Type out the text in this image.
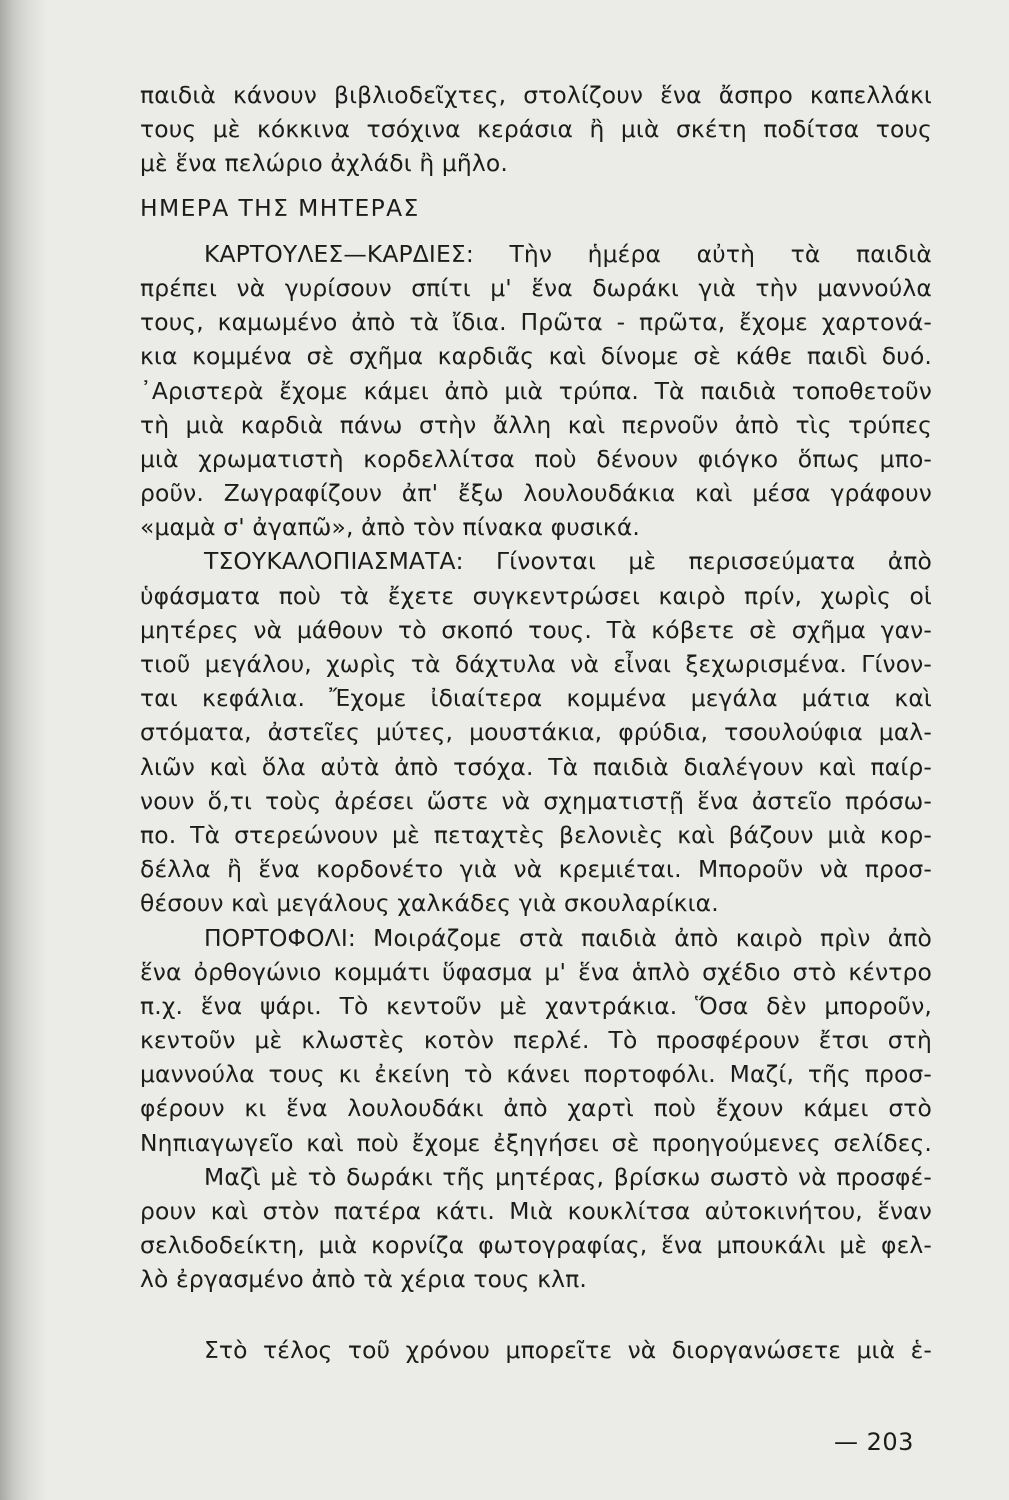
παιδιὰ κάνουν βιβλιοδεῖχτες, στολίζουν ἕνα ἄσπρο καπελλάκι
τους μὲ κόκκινα τσόχινα κεράσια ἢ μιὰ σκέτη ποδίτσα τους
μὲ ἕνα πελώριο ἀχλάδι ἢ μῆλο.
ΗΜΕΡΑ ΤΗΣ ΜΗΤΕΡΑΣ
ΚΑΡΤΟΥΛΕΣ—ΚΑΡΔΙΕΣ: Τὴν ἡμέρα αὐτὴ τὰ παιδιὰ
πρέπει νὰ γυρίσουν σπίτι μ' ἕνα δωράκι γιὰ τὴν μαννούλα
τους, καμωμένο ἀπὸ τὰ ἴδια. Πρῶτα - πρῶτα, ἔχομε χαρτονά-
κια κομμένα σὲ σχῆμα καρδιᾶς καὶ δίνομε σὲ κάθε παιδὶ δυό.
᾿Αριστερὰ ἔχομε κάμει ἀπὸ μιὰ τρύπα. Τὰ παιδιὰ τοποθετοῦν
τὴ μιὰ καρδιὰ πάνω στὴν ἄλλη καὶ περνοῦν ἀπὸ τὶς τρύπες
μιὰ χρωματιστὴ κορδελλίτσα ποὺ δένουν φιόγκο ὅπως μπο-
ροῦν. Ζωγραφίζουν ἀπ' ἔξω λουλουδάκια καὶ μέσα γράφουν
«μαμὰ σ' ἀγαπῶ», ἀπὸ τὸν πίνακα φυσικά.
ΤΣΟΥΚΑΛΟΠΙΑΣΜΑΤΑ: Γίνονται μὲ περισσεύματα ἀπὸ
ὑφάσματα ποὺ τὰ ἔχετε συγκεντρώσει καιρὸ πρίν, χωρὶς οἱ
μητέρες νὰ μάθουν τὸ σκοπό τους. Τὰ κόβετε σὲ σχῆμα γαν-
τιοῦ μεγάλου, χωρὶς τὰ δάχτυλα νὰ εἶναι ξεχωρισμένα. Γίνον-
ται κεφάλια. Ἔχομε ἰδιαίτερα κομμένα μεγάλα μάτια καὶ
στόματα, ἀστεῖες μύτες, μουστάκια, φρύδια, τσουλούφια μαλ-
λιῶν καὶ ὅλα αὐτὰ ἀπὸ τσόχα. Τὰ παιδιὰ διαλέγουν καὶ παίρ-
νουν ὅ,τι τοὺς ἀρέσει ὥστε νὰ σχηματιστῇ ἕνα ἀστεῖο πρόσω-
πο. Τὰ στερεώνουν μὲ πεταχτὲς βελονιὲς καὶ βάζουν μιὰ κορ-
δέλλα ἢ ἕνα κορδονέτο γιὰ νὰ κρεμιέται. Μποροῦν νὰ προσ-
θέσουν καὶ μεγάλους χαλκάδες γιὰ σκουλαρίκια.
ΠΟΡΤΟΦΟΛΙ: Μοιράζομε στὰ παιδιὰ ἀπὸ καιρὸ πρὶν ἀπὸ
ἕνα ὀρθογώνιο κομμάτι ὕφασμα μ' ἕνα ἁπλὸ σχέδιο στὸ κέντρο
π.χ. ἕνα ψάρι. Τὸ κεντοῦν μὲ χαντράκια. Ὅσα δὲν μποροῦν,
κεντοῦν μὲ κλωστὲς κοτὸν περλέ. Τὸ προσφέρουν ἔτσι στὴ
μαννούλα τους κι ἐκείνη τὸ κάνει πορτοφόλι. Μαζί, τῆς προσ-
φέρουν κι ἕνα λουλουδάκι ἀπὸ χαρτὶ ποὺ ἔχουν κάμει στὸ
Νηπιαγωγεῖο καὶ ποὺ ἔχομε ἐξηγήσει σὲ προηγούμενες σελίδες.
Μαζὶ μὲ τὸ δωράκι τῆς μητέρας, βρίσκω σωστὸ νὰ προσφέ-
ρουν καὶ στὸν πατέρα κάτι. Μιὰ κουκλίτσα αὐτοκινήτου, ἕναν
σελιδοδείκτη, μιὰ κορνίζα φωτογραφίας, ἕνα μπουκάλι μὲ φελ-
λὸ ἐργασμένο ἀπὸ τὰ χέρια τους κλπ.
Στὸ τέλος τοῦ χρόνου μπορεῖτε νὰ διοργανώσετε μιὰ ἑ-
— 203
